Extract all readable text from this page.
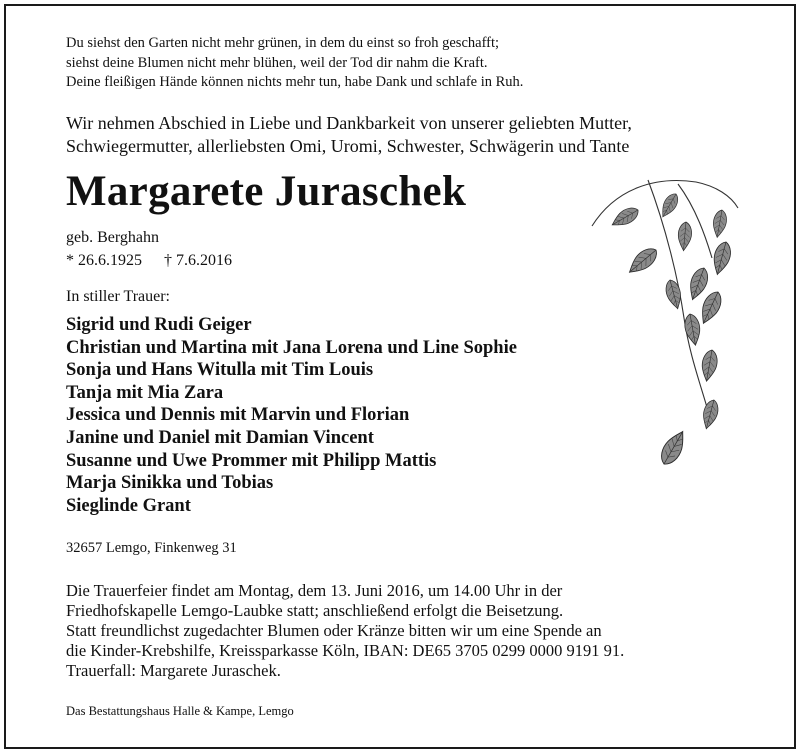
Du siehst den Garten nicht mehr grünen, in dem du einst so froh geschafft;
siehst deine Blumen nicht mehr blühen, weil der Tod dir nahm die Kraft.
Deine fleißigen Hände können nichts mehr tun, habe Dank und schlafe in Ruh.
Wir nehmen Abschied in Liebe und Dankbarkeit von unserer geliebten Mutter,
Schwiegermutter, allerliebsten Omi, Uromi, Schwester, Schwägerin und Tante
Margarete Juraschek
geb. Berghahn
* 26.6.1925 † 7.6.2016
In stiller Trauer:
Sigrid und Rudi Geiger
Christian und Martina mit Jana Lorena und Line Sophie
Sonja und Hans Witulla mit Tim Louis
Tanja mit Mia Zara
Jessica und Dennis mit Marvin und Florian
Janine und Daniel mit Damian Vincent
Susanne und Uwe Prommer mit Philipp Mattis
Marja Sinikka und Tobias
Sieglinde Grant
32657 Lemgo, Finkenweg 31
Die Trauerfeier findet am Montag, dem 13. Juni 2016, um 14.00 Uhr in der
Friedhofskapelle Lemgo-Laubke statt; anschließend erfolgt die Beisetzung.
Statt freundlichst zugedachter Blumen oder Kränze bitten wir um eine Spende an
die Kinder-Krebshilfe, Kreissparkasse Köln, IBAN: DE65 3705 0299 0000 9191 91.
Trauerfall: Margarete Juraschek.
Das Bestattungshaus Halle & Kampe, Lemgo
